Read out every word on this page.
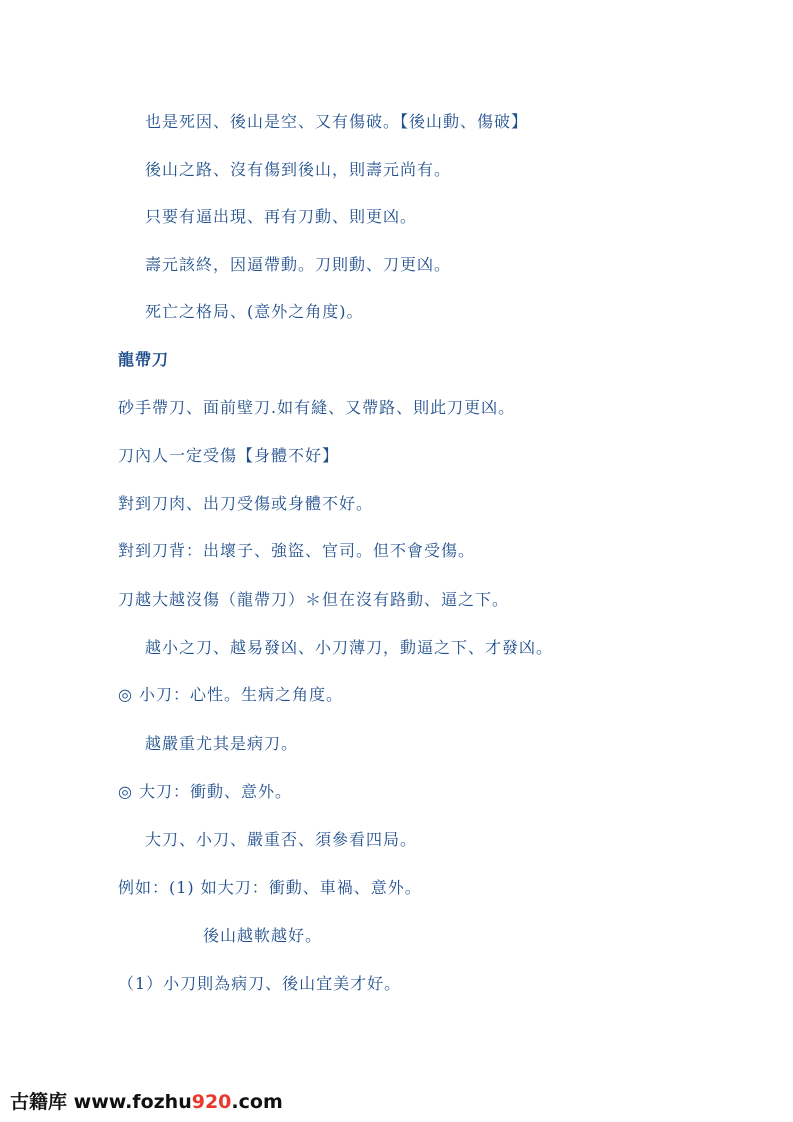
也是死因、後山是空、又有傷破。【後山動、傷破】
後山之路、沒有傷到後山，則壽元尚有。
只要有逼出現、再有刀動、則更凶。
壽元該終，因逼帶動。刀則動、刀更凶。
死亡之格局、(意外之角度)。
龍帶刀
砂手帶刀、面前壁刀.如有縫、又帶路、則此刀更凶。
刀內人一定受傷【身體不好】
對到刀肉、出刀受傷或身體不好。
對到刀背：出壞子、強盜、官司。但不會受傷。
刀越大越沒傷（龍帶刀）＊但在沒有路動、逼之下。
越小之刀、越易發凶、小刀薄刀，動逼之下、才發凶。
◎ 小刀：心性。生病之角度。
越嚴重尤其是病刀。
◎ 大刀：衝動、意外。
大刀、小刀、嚴重否、須參看四局。
例如：(1) 如大刀：衝動、車禍、意外。
後山越軟越好。
（1）小刀則為病刀、後山宜美才好。
古籍库 www.fozhu920.com
